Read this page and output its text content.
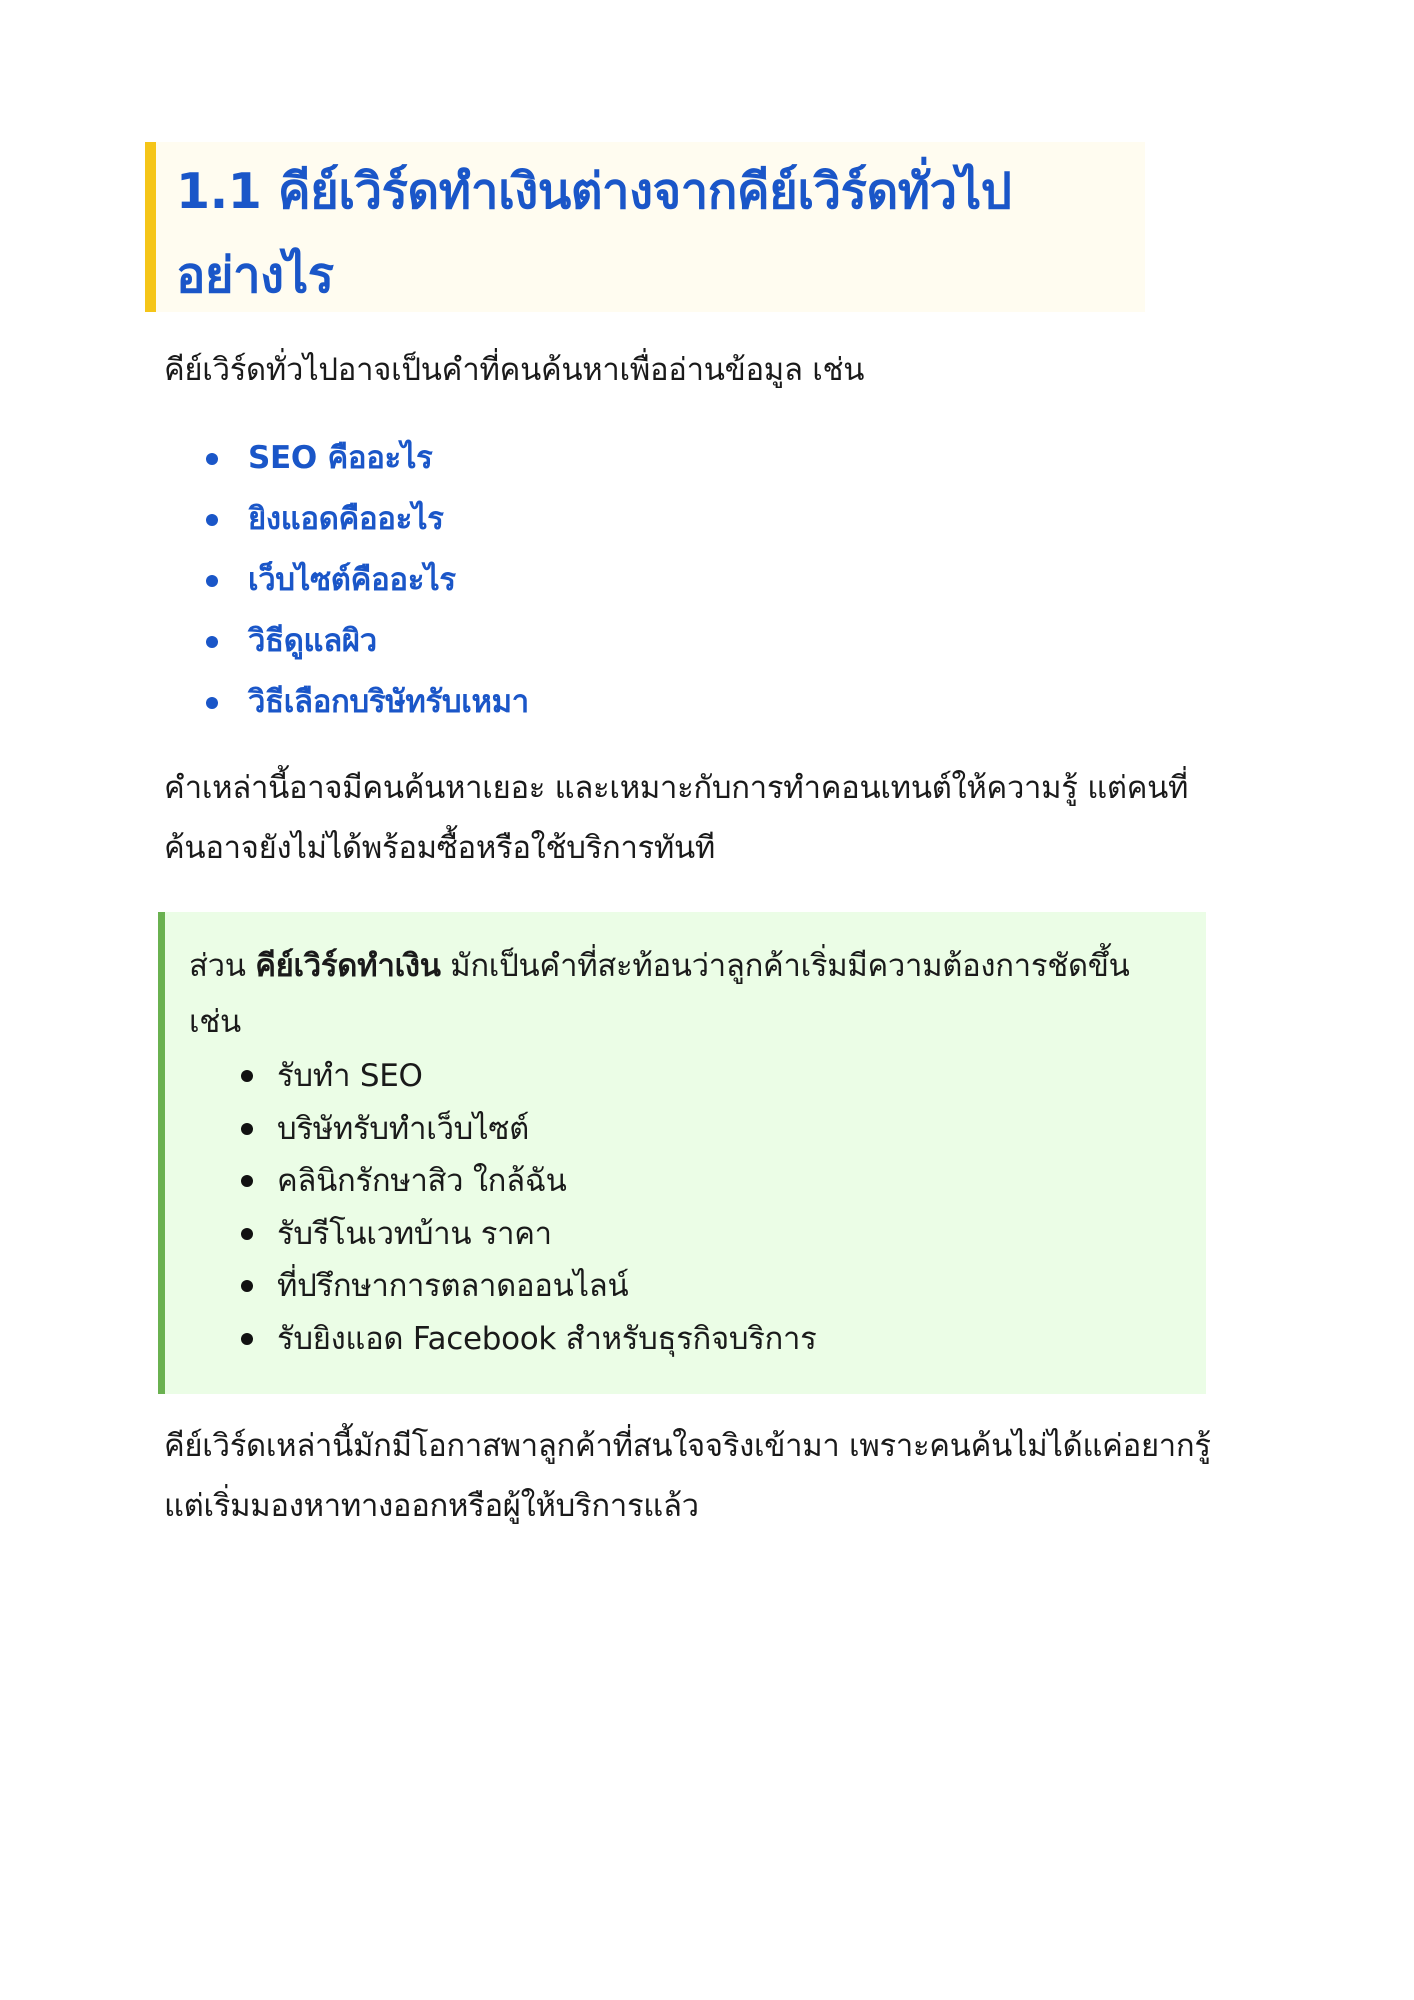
1.1 คีย์เวิร์ดทำเงินต่างจากคีย์เวิร์ดทั่วไป อย่างไร

คีย์เวิร์ดทั่วไปอาจเป็นคำที่คนค้นหาเพื่ออ่านข้อมูล เช่น

SEO คืออะไร
ยิงแอดคืออะไร
เว็บไซต์คืออะไร
วิธีดูแลผิว
วิธีเลือกบริษัทรับเหมา

คำเหล่านี้อาจมีคนค้นหาเยอะ และเหมาะกับการทำคอนเทนต์ให้ความรู้ แต่คนที่ค้นอาจยังไม่ได้พร้อมซื้อหรือใช้บริการทันที

ส่วน คีย์เวิร์ดทำเงิน มักเป็นคำที่สะท้อนว่าลูกค้าเริ่มมีความต้องการชัดขึ้น เช่น

รับทำ SEO
บริษัทรับทำเว็บไซต์
คลินิกรักษาสิว ใกล้ฉัน
รับรีโนเวทบ้าน ราคา
ที่ปรึกษาการตลาดออนไลน์
รับยิงแอด Facebook สำหรับธุรกิจบริการ

คีย์เวิร์ดเหล่านี้มักมีโอกาสพาลูกค้าที่สนใจจริงเข้ามา เพราะคนค้นไม่ได้แค่อยากรู้ แต่เริ่มมองหาทางออกหรือผู้ให้บริการแล้ว
